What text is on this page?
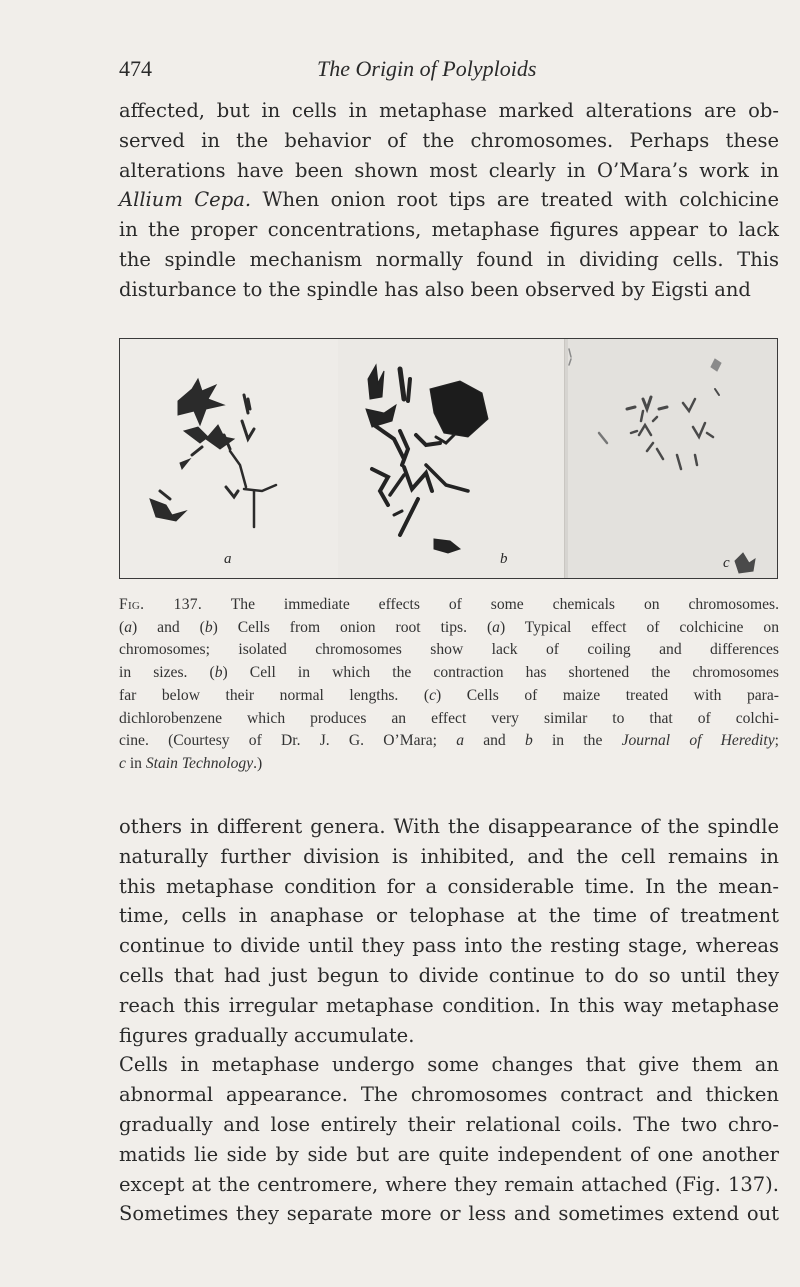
474	The Origin of Polyploids
affected, but in cells in metaphase marked alterations are ob-
served in the behavior of the chromosomes. Perhaps these
alterations have been shown most clearly in O’Mara’s work in
Allium Cepa. When onion root tips are treated with colchicine
in the proper concentrations, metaphase figures appear to lack
the spindle mechanism normally found in dividing cells. This
disturbance to the spindle has also been observed by Eigsti and
a	b	c
Fig. 137. The immediate effects of some chemicals on chromosomes.
(a) and (b) Cells from onion root tips. (a) Typical effect of colchicine on
chromosomes; isolated chromosomes show lack of coiling and differences
in sizes. (b) Cell in which the contraction has shortened the chromosomes
far below their normal lengths. (c) Cells of maize treated with para-
dichlorobenzene which produces an effect very similar to that of colchi-
cine. (Courtesy of Dr. J. G. O’Mara; a and b in the Journal of Heredity;
c in Stain Technology.)
others in different genera. With the disappearance of the spindle
naturally further division is inhibited, and the cell remains in
this metaphase condition for a considerable time. In the mean-
time, cells in anaphase or telophase at the time of treatment
continue to divide until they pass into the resting stage, whereas
cells that had just begun to divide continue to do so until they
reach this irregular metaphase condition. In this way metaphase
figures gradually accumulate.
Cells in metaphase undergo some changes that give them an
abnormal appearance. The chromosomes contract and thicken
gradually and lose entirely their relational coils. The two chro-
matids lie side by side but are quite independent of one another
except at the centromere, where they remain attached (Fig. 137).
Sometimes they separate more or less and sometimes extend out
